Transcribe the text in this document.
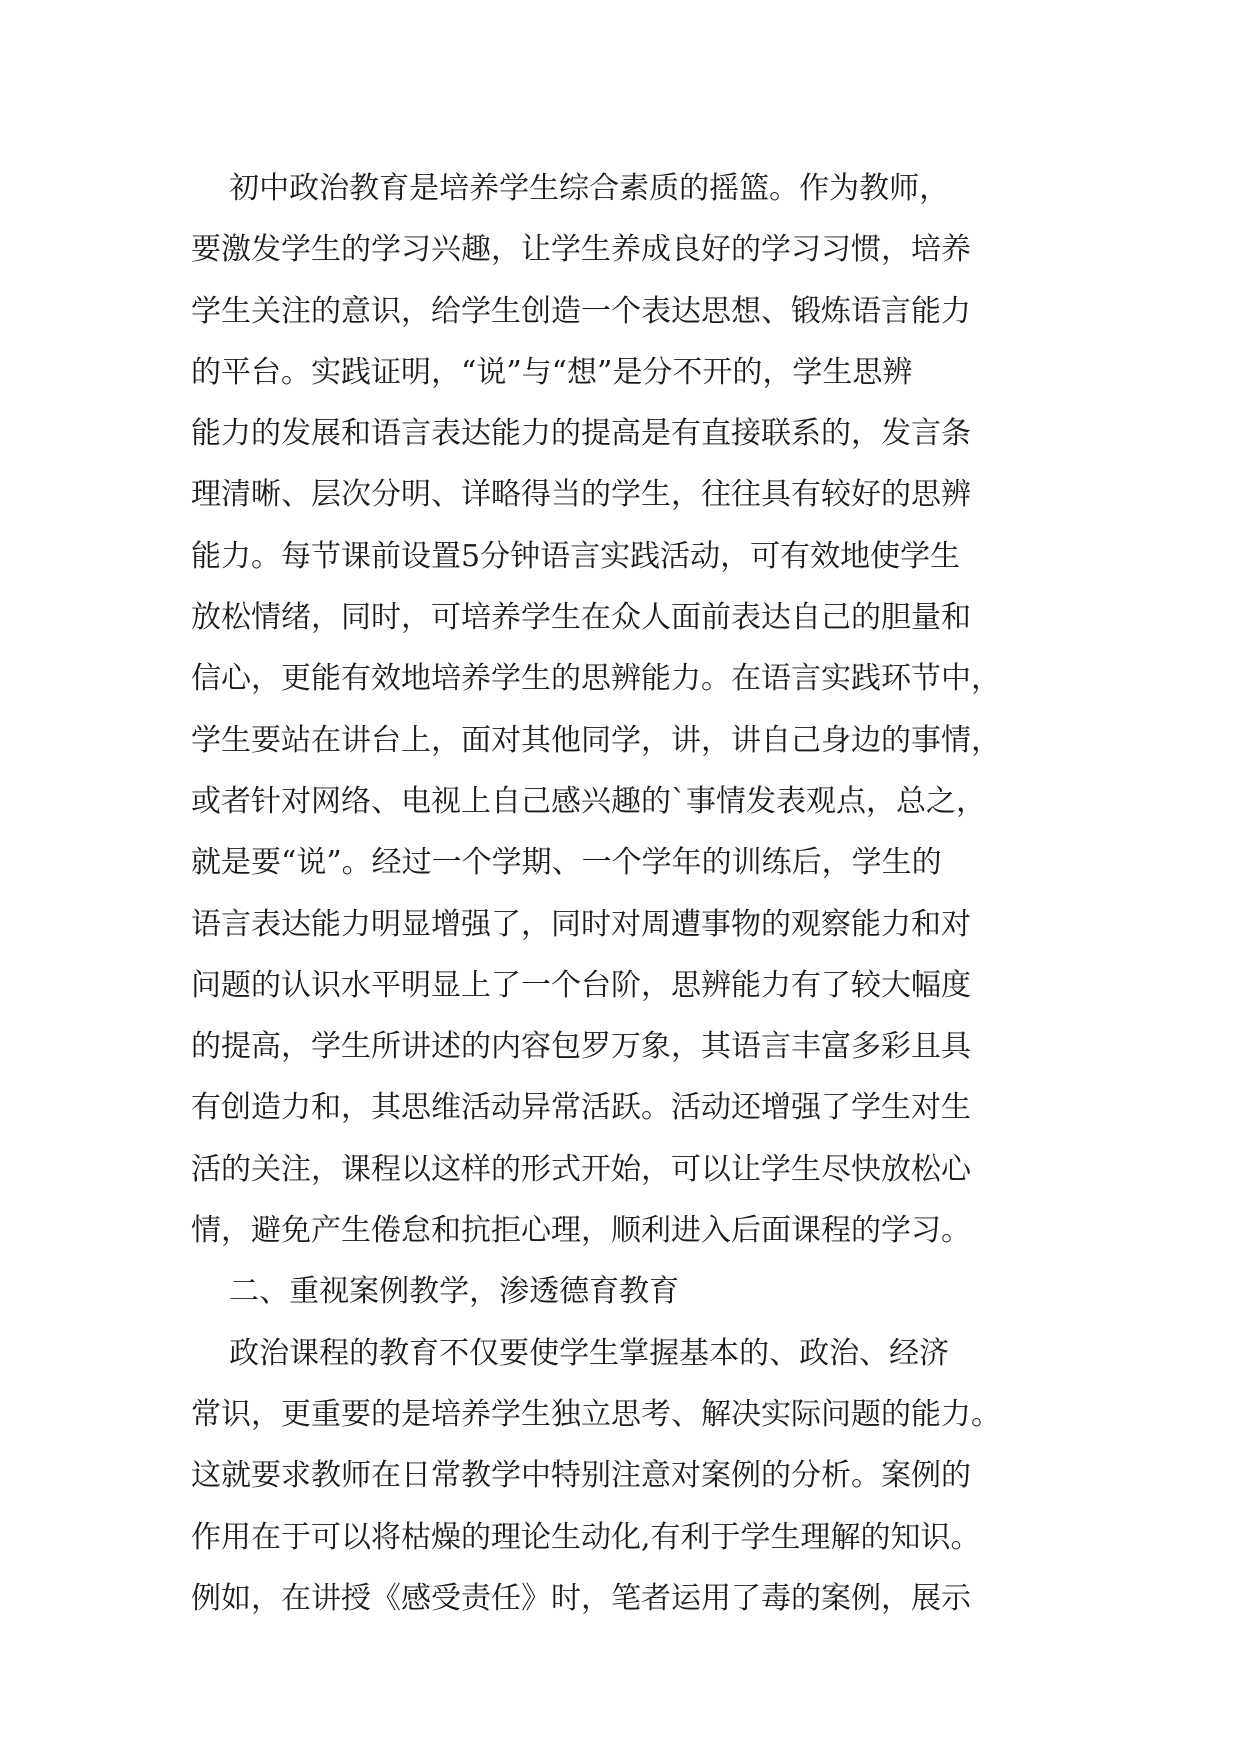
初中政治教育是培养学生综合素质的摇篮。作为教师，
要激发学生的学习兴趣，让学生养成良好的学习习惯，培养
学生关注的意识，给学生创造一个表达思想、锻炼语言能力
的平台。实践证明，“说”与“想”是分不开的，学生思辨
能力的发展和语言表达能力的提高是有直接联系的，发言条
理清晰、层次分明、详略得当的学生，往往具有较好的思辨
能力。每节课前设置5分钟语言实践活动，可有效地使学生
放松情绪，同时，可培养学生在众人面前表达自己的胆量和
信心，更能有效地培养学生的思辨能力。在语言实践环节中，
学生要站在讲台上，面对其他同学，讲，讲自己身边的事情，
或者针对网络、电视上自己感兴趣的`事情发表观点，总之，
就是要“说”。经过一个学期、一个学年的训练后，学生的
语言表达能力明显增强了，同时对周遭事物的观察能力和对
问题的认识水平明显上了一个台阶，思辨能力有了较大幅度
的提高，学生所讲述的内容包罗万象，其语言丰富多彩且具
有创造力和，其思维活动异常活跃。活动还增强了学生对生
活的关注，课程以这样的形式开始，可以让学生尽快放松心
情，避免产生倦怠和抗拒心理，顺利进入后面课程的学习。
二、重视案例教学，渗透德育教育
政治课程的教育不仅要使学生掌握基本的、政治、经济
常识，更重要的是培养学生独立思考、解决实际问题的能力。
这就要求教师在日常教学中特别注意对案例的分析。案例的
作用在于可以将枯燥的理论生动化,有利于学生理解的知识。
例如，在讲授《感受责任》时，笔者运用了毒的案例，展示
